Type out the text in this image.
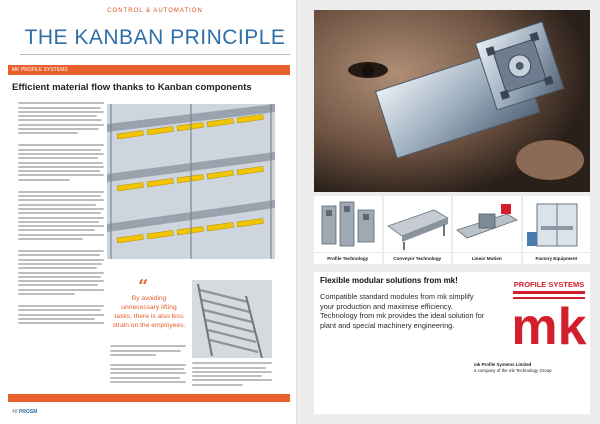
CONTROL & AUTOMATION
THE KANBAN PRINCIPLE
MK PROFILE SYSTEMS
Efficient material flow thanks to Kanban components
“
By avoiding unnecessary lifting tasks, there is also less strain on the employees.
48 PROSM
Profile Technology	Conveyor Technology	Linear Motion	Factory Equipment
Flexible modular solutions from mk!
Compatible standard modules from mk simplify your production and maximise efficiency. Technology from mk provides the ideal solution for plant and special machinery engineering.
PROFILE SYSTEMS
mk
mk Profile Systems Limited
a company of the mk Technology Group
